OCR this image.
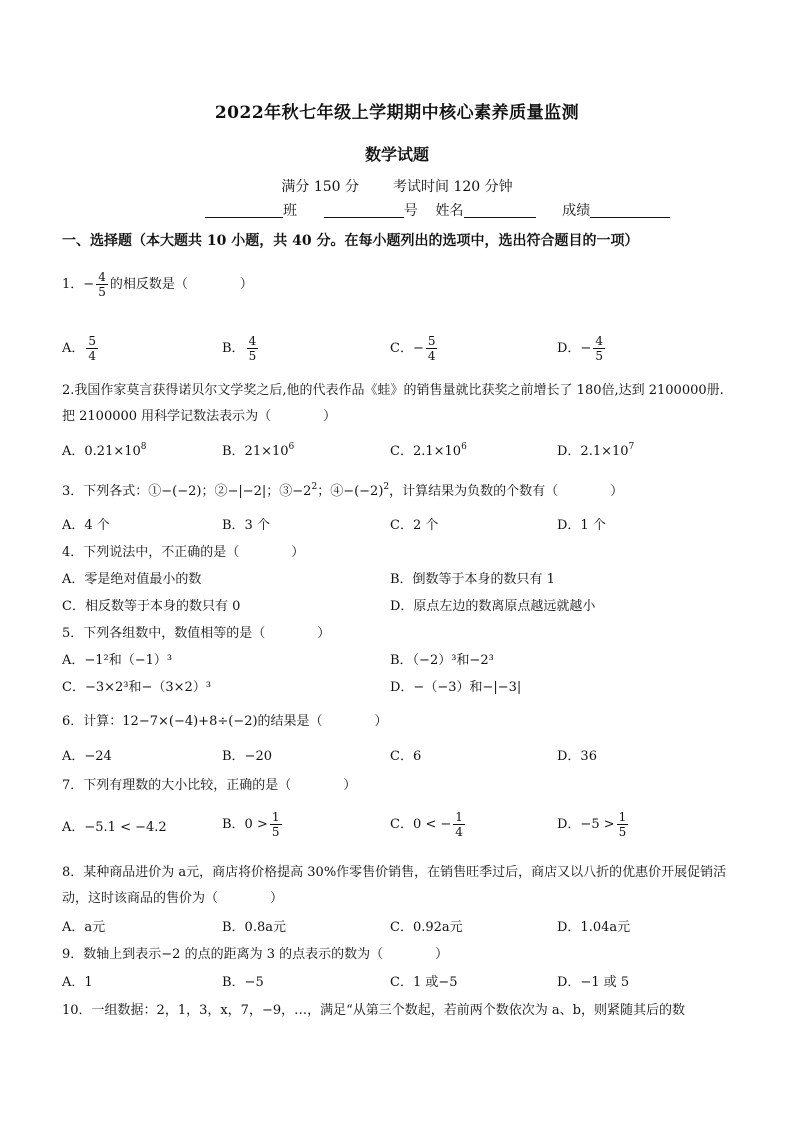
2022年秋七年级上学期期中核心素养质量监测
数学试题
满分 150 分 考试时间 120 分钟
班	号 姓名	成绩
一、选择题（本大题共 10 小题，共 40 分。在每小题列出的选项中，选出符合题目的一项）
1．− $\frac{4}{5}$ 的相反数是（　　　　）
A． $\frac{5}{4}$	B． $\frac{4}{5}$	C．− $\frac{5}{4}$	D．− $\frac{4}{5}$
2.我国作家莫言获得诺贝尔文学奖之后,他的代表作品《蛙》的销售量就比获奖之前增长了 180倍,达到 2100000册. 把 2100000 用科学记数法表示为（　　　　）
A．$0.21\times 10^8$	B．$21\times 10^6$	C．$2.1\times 10^6$	D．$2.1\times 10^7$
3．下列各式：①−(−2)；②−|−2|；$③-2^2$；$④-(-2)^2$，计算结果为负数的个数有（　　　　）
A．4 个	B．3 个	C．2 个	D．1 个
4．下列说法中，不正确的是（　　　　）
A．零是绝对值最小的数	B．倒数等于本身的数只有 1
C．相反数等于本身的数只有 0	D．原点左边的数离原点越远就越小
5．下列各组数中，数值相等的是（　　　　）
A．−1²和（−1）³	B．（−2）³和−2³
C．−3×2³和−（3×2）³	D．−（−3）和−|−3|
6．计算：12−7×(−4)+8÷(−2)的结果是（　　　　）
A．−24	B．−20	C．6	D．36
7．下列有理数的大小比较，正确的是（　　　　）
A．−5.1 < −4.2	B．$0 > \frac{1}{5}$	C．0 < − $\frac{1}{4}$	D．$-5 > \frac{1}{5}$
8．某种商品进价为 a元，商店将价格提高 30%作零售价销售，在销售旺季过后，商店又以八折的优惠价开展促销活动，这时该商品的售价为（　　　　）
A．a元	B．0.8a元	C．0.92a元	D．1.04a元
9．数轴上到表示−2 的点的距离为 3 的点表示的数为（　　　　）
A．1	B．−5	C．1 或−5	D．−1 或 5
10．一组数据：2，1，3，x，7，−9，…，满足“从第三个数起，若前两个数依次为 a、b，则紧随其后的数
